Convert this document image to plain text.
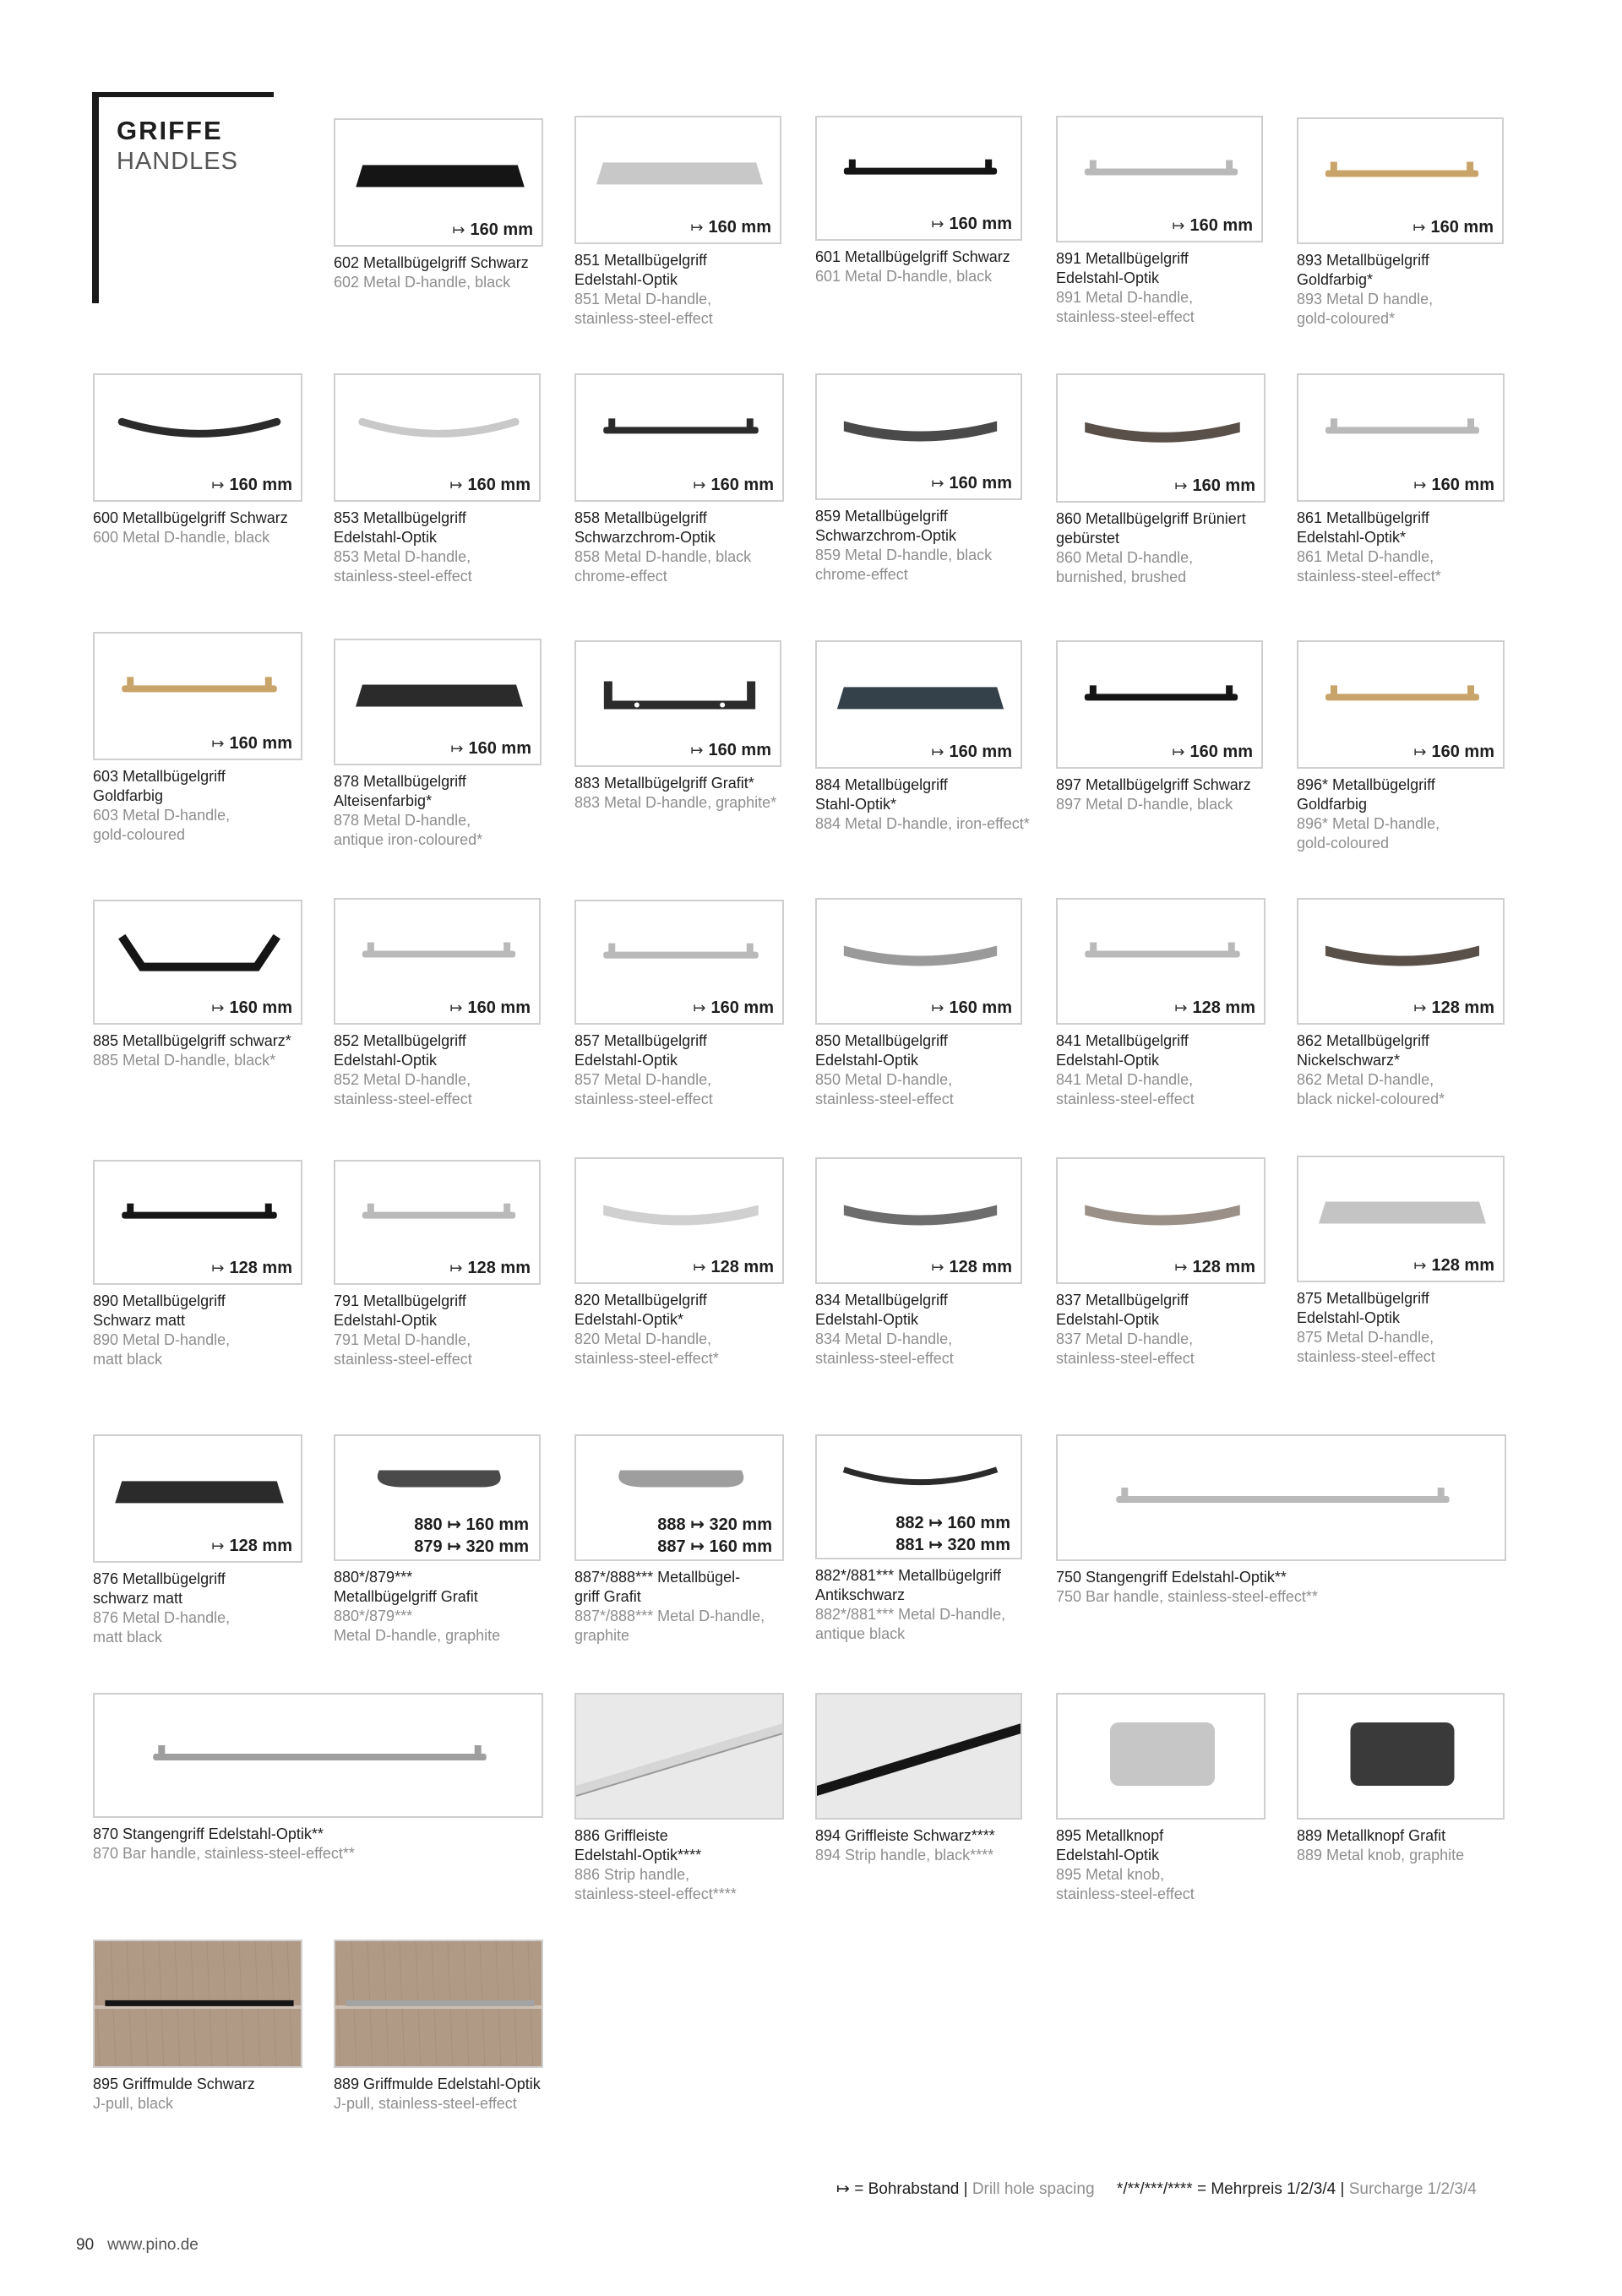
GRIFFE
HANDLES
↦ 160 mm
602 Metallbügelgriff Schwarz
602 Metal D-handle, black
↦ 160 mm
851 Metallbügelgriff
Edelstahl-Optik
851 Metal D-handle,
stainless-steel-effect
↦ 160 mm
601 Metallbügelgriff Schwarz
601 Metal D-handle, black
↦ 160 mm
891 Metallbügelgriff
Edelstahl-Optik
891 Metal D-handle,
stainless-steel-effect
↦ 160 mm
893 Metallbügelgriff
Goldfarbig*
893 Metal D handle,
gold-coloured*
↦ 160 mm
600 Metallbügelgriff Schwarz
600 Metal D-handle, black
↦ 160 mm
853 Metallbügelgriff
Edelstahl-Optik
853 Metal D-handle,
stainless-steel-effect
↦ 160 mm
858 Metallbügelgriff
Schwarzchrom-Optik
858 Metal D-handle, black
chrome-effect
↦ 160 mm
859 Metallbügelgriff
Schwarzchrom-Optik
859 Metal D-handle, black
chrome-effect
↦ 160 mm
860 Metallbügelgriff Brüniert
gebürstet
860 Metal D-handle,
burnished, brushed
↦ 160 mm
861 Metallbügelgriff
Edelstahl-Optik*
861 Metal D-handle,
stainless-steel-effect*
↦ 160 mm
603 Metallbügelgriff
Goldfarbig
603 Metal D-handle,
gold-coloured
↦ 160 mm
878 Metallbügelgriff
Alteisenfarbig*
878 Metal D-handle,
antique iron-coloured*
↦ 160 mm
883 Metallbügelgriff Grafit*
883 Metal D-handle, graphite*
↦ 160 mm
884 Metallbügelgriff
Stahl-Optik*
884 Metal D-handle, iron-effect*
↦ 160 mm
897 Metallbügelgriff Schwarz
897 Metal D-handle, black
↦ 160 mm
896* Metallbügelgriff
Goldfarbig
896* Metal D-handle,
gold-coloured
↦ 160 mm
885 Metallbügelgriff schwarz*
885 Metal D-handle, black*
↦ 160 mm
852 Metallbügelgriff
Edelstahl-Optik
852 Metal D-handle,
stainless-steel-effect
↦ 160 mm
857 Metallbügelgriff
Edelstahl-Optik
857 Metal D-handle,
stainless-steel-effect
↦ 160 mm
850 Metallbügelgriff
Edelstahl-Optik
850 Metal D-handle,
stainless-steel-effect
↦ 128 mm
841 Metallbügelgriff
Edelstahl-Optik
841 Metal D-handle,
stainless-steel-effect
↦ 128 mm
862 Metallbügelgriff
Nickelschwarz*
862 Metal D-handle,
black nickel-coloured*
↦ 128 mm
890 Metallbügelgriff
Schwarz matt
890 Metal D-handle,
matt black
↦ 128 mm
791 Metallbügelgriff
Edelstahl-Optik
791 Metal D-handle,
stainless-steel-effect
↦ 128 mm
820 Metallbügelgriff
Edelstahl-Optik*
820 Metal D-handle,
stainless-steel-effect*
↦ 128 mm
834 Metallbügelgriff
Edelstahl-Optik
834 Metal D-handle,
stainless-steel-effect
↦ 128 mm
837 Metallbügelgriff
Edelstahl-Optik
837 Metal D-handle,
stainless-steel-effect
↦ 128 mm
875 Metallbügelgriff
Edelstahl-Optik
875 Metal D-handle,
stainless-steel-effect
↦ 128 mm
876 Metallbügelgriff
schwarz matt
876 Metal D-handle,
matt black
880 ↦ 160 mm
879 ↦ 320 mm
880*/879***
Metallbügelgriff Grafit
880*/879***
Metal D-handle, graphite
888 ↦ 320 mm
887 ↦ 160 mm
887*/888*** Metallbügel-
griff Grafit
887*/888*** Metal D-handle,
graphite
882 ↦ 160 mm
881 ↦ 320 mm
882*/881*** Metallbügelgriff
Antikschwarz
882*/881*** Metal D-handle,
antique black
750 Stangengriff Edelstahl-Optik**
750 Bar handle, stainless-steel-effect**
870 Stangengriff Edelstahl-Optik**
870 Bar handle, stainless-steel-effect**
886 Griffleiste
Edelstahl-Optik****
886 Strip handle,
stainless-steel-effect****
894 Griffleiste Schwarz****
894 Strip handle, black****
895 Metallknopf
Edelstahl-Optik
895 Metal knob,
stainless-steel-effect
889 Metallknopf Grafit
889 Metal knob, graphite
895 Griffmulde Schwarz
J-pull, black
889 Griffmulde Edelstahl-Optik
J-pull, stainless-steel-effect
↦ = Bohrabstand | Drill hole spacing */**/***/**** = Mehrpreis 1/2/3/4 | Surcharge 1/2/3/4
90 www.pino.de
